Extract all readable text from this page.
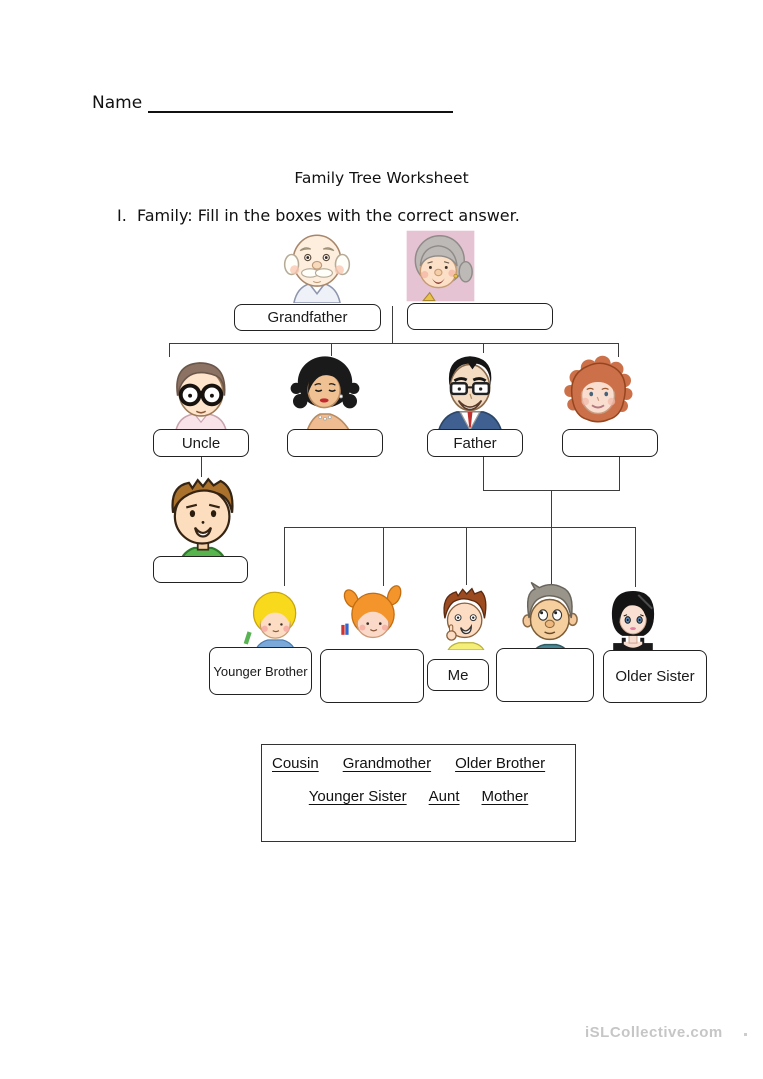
Name
Family Tree Worksheet
I.  Family: Fill in the boxes with the correct answer.
Grandfather
Uncle	Father
Younger Brother	Me	Older Sister
Cousin Grandmother Older Brother
Younger Sister Aunt Mother
iSLCollective.com
